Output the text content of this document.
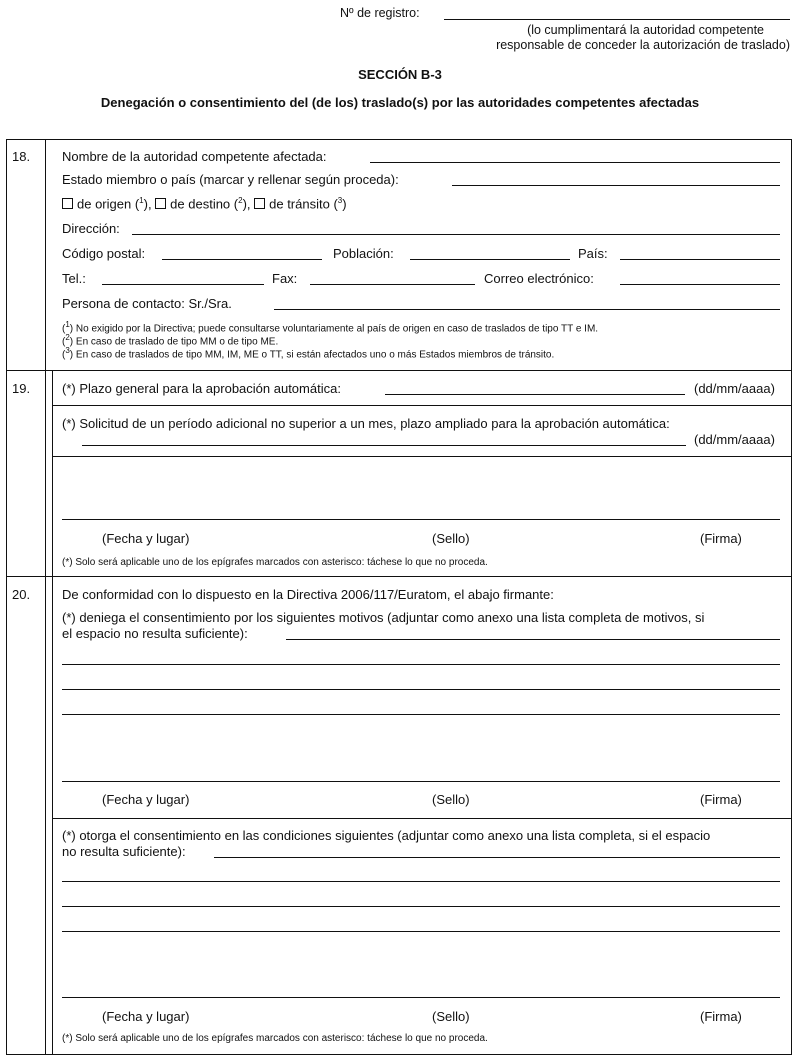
Nº de registro:
(lo cumplimentará la autoridad competente
responsable de conceder la autorización de traslado)
SECCIÓN B-3
Denegación o consentimiento del (de los) traslado(s) por las autoridades competentes afectadas
18. Nombre de la autoridad competente afectada:
Estado miembro o país (marcar y rellenar según proceda):
de origen ($^1$), de destino ($^2$), de tránsito ($^3$)
Dirección:
Código postal:	Población:	País:
Tel.:	Fax:	Correo electrónico:
Persona de contacto: Sr./Sra.
($^1$) No exigido por la Directiva; puede consultarse voluntariamente al país de origen en caso de traslados de tipo TT e IM.
($^2$) En caso de traslado de tipo MM o de tipo ME.
($^3$) En caso de traslados de tipo MM, IM, ME o TT, si están afectados uno o más Estados miembros de tránsito.
19. (*) Plazo general para la aprobación automática:	(dd/mm/aaaa)
(*) Solicitud de un período adicional no superior a un mes, plazo ampliado para la aprobación automática:
(dd/mm/aaaa)
(Fecha y lugar)	(Sello)	(Firma)
(*) Solo será aplicable uno de los epígrafes marcados con asterisco: táchese lo que no proceda.
20. De conformidad con lo dispuesto en la Directiva 2006/117/Euratom, el abajo firmante:
(*) deniega el consentimiento por los siguientes motivos (adjuntar como anexo una lista completa de motivos, si
el espacio no resulta suficiente):
(Fecha y lugar)	(Sello)	(Firma)
(*) otorga el consentimiento en las condiciones siguientes (adjuntar como anexo una lista completa, si el espacio
no resulta suficiente):
(Fecha y lugar)	(Sello)	(Firma)
(*) Solo será aplicable uno de los epígrafes marcados con asterisco: táchese lo que no proceda.
